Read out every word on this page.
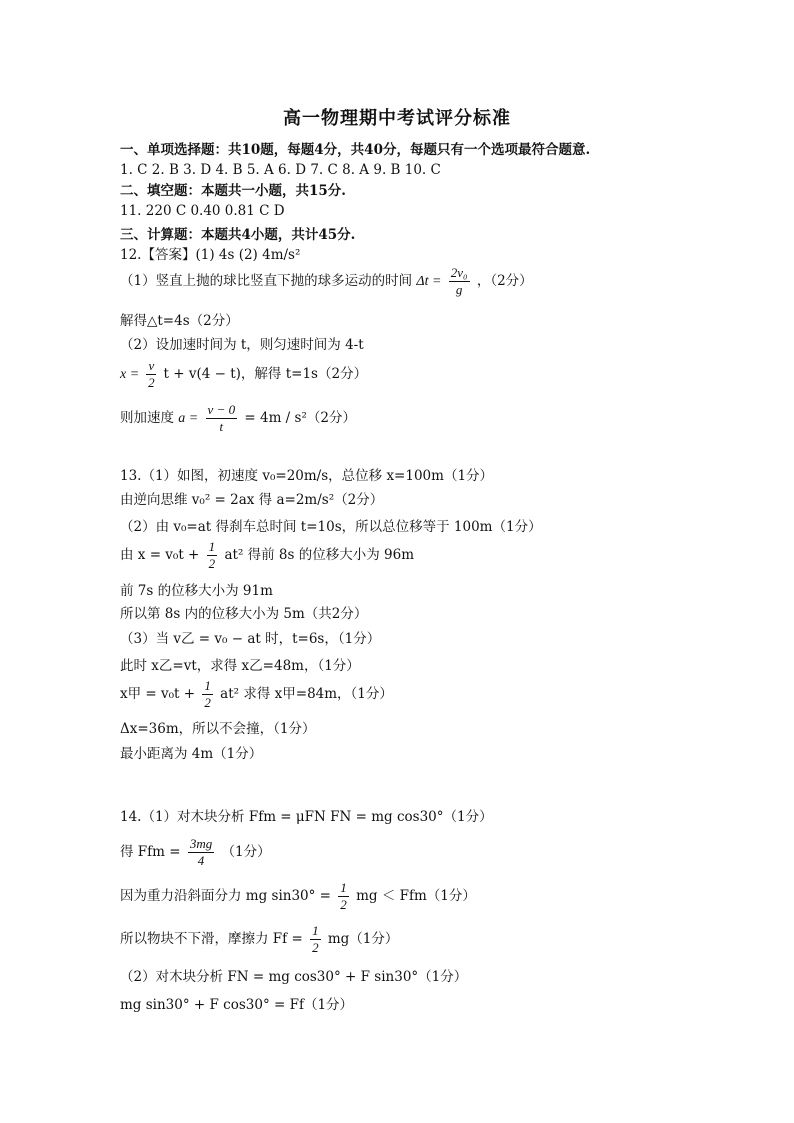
高一物理期中考试评分标准
一、单项选择题：共10题，每题4分，共40分，每题只有一个选项最符合题意.
1. C 2. B 3. D 4. B 5. A 6. D 7. C 8. A 9. B 10. C
二、填空题：本题共一小题，共15分.
11. 220 C 0.40 0.81 C D
三、计算题：本题共4小题，共计45分.
12.【答案】(1) 4s (2) 4m/s²
（1）竖直上抛的球比竖直下抛的球多运动的时间 $\Delta t = \frac{\text{2v₀}}{g}$ ，（2分）
解得△t=4s（2分）
（2）设加速时间为 t，则匀速时间为 4-t
$x = \frac{v}{2}$ t + v(4 − t)，解得 t=1s（2分）
则加速度 $a = \frac{v - 0}{t} = 4m / s^2(2$分）
13.（1）如图，初速度 v₀=20m/s，总位移 x=100m（1分）
由逆向思维 v₀² = 2ax 得 a=2m/s²（2分）
（2）由 v₀=at 得刹车总时间 t=10s，所以总位移等于 100m（1分）
由 $x = v_0t + \frac{1}{2} at^2$ 得前 8s 的位移大小为 96m
前 7s 的位移大小为 91m
所以第 8s 内的位移大小为 5m（共2分）
（3）当 v乙 = v₀ − at 时，t=6s，（1分）
此时 x乙=vt，求得 x乙=48m，（1分）
x甲 = $v_0t + \frac{1}{2} at^2$ 求得 x甲=84m，（1分）
Δx=36m，所以不会撞，（1分）
最小距离为 4m（1分）
14.（1）对木块分析 Ffm = μFN FN = mg cos30°（1分）
得 Ffm = $\frac{3mg}{4} (1$分）
因为重力沿斜面分力 mg $\sin 30^\circ = \frac{1}{2}$ mg ＜ Ffm（1分）
所以物块不下滑，摩擦力 $Ff = \frac{1}{2} mg(1$分）
（2）对木块分析 FN = mg cos30° + F sin30°（1分）
mg sin30° + F cos30° = Ff（1分）
